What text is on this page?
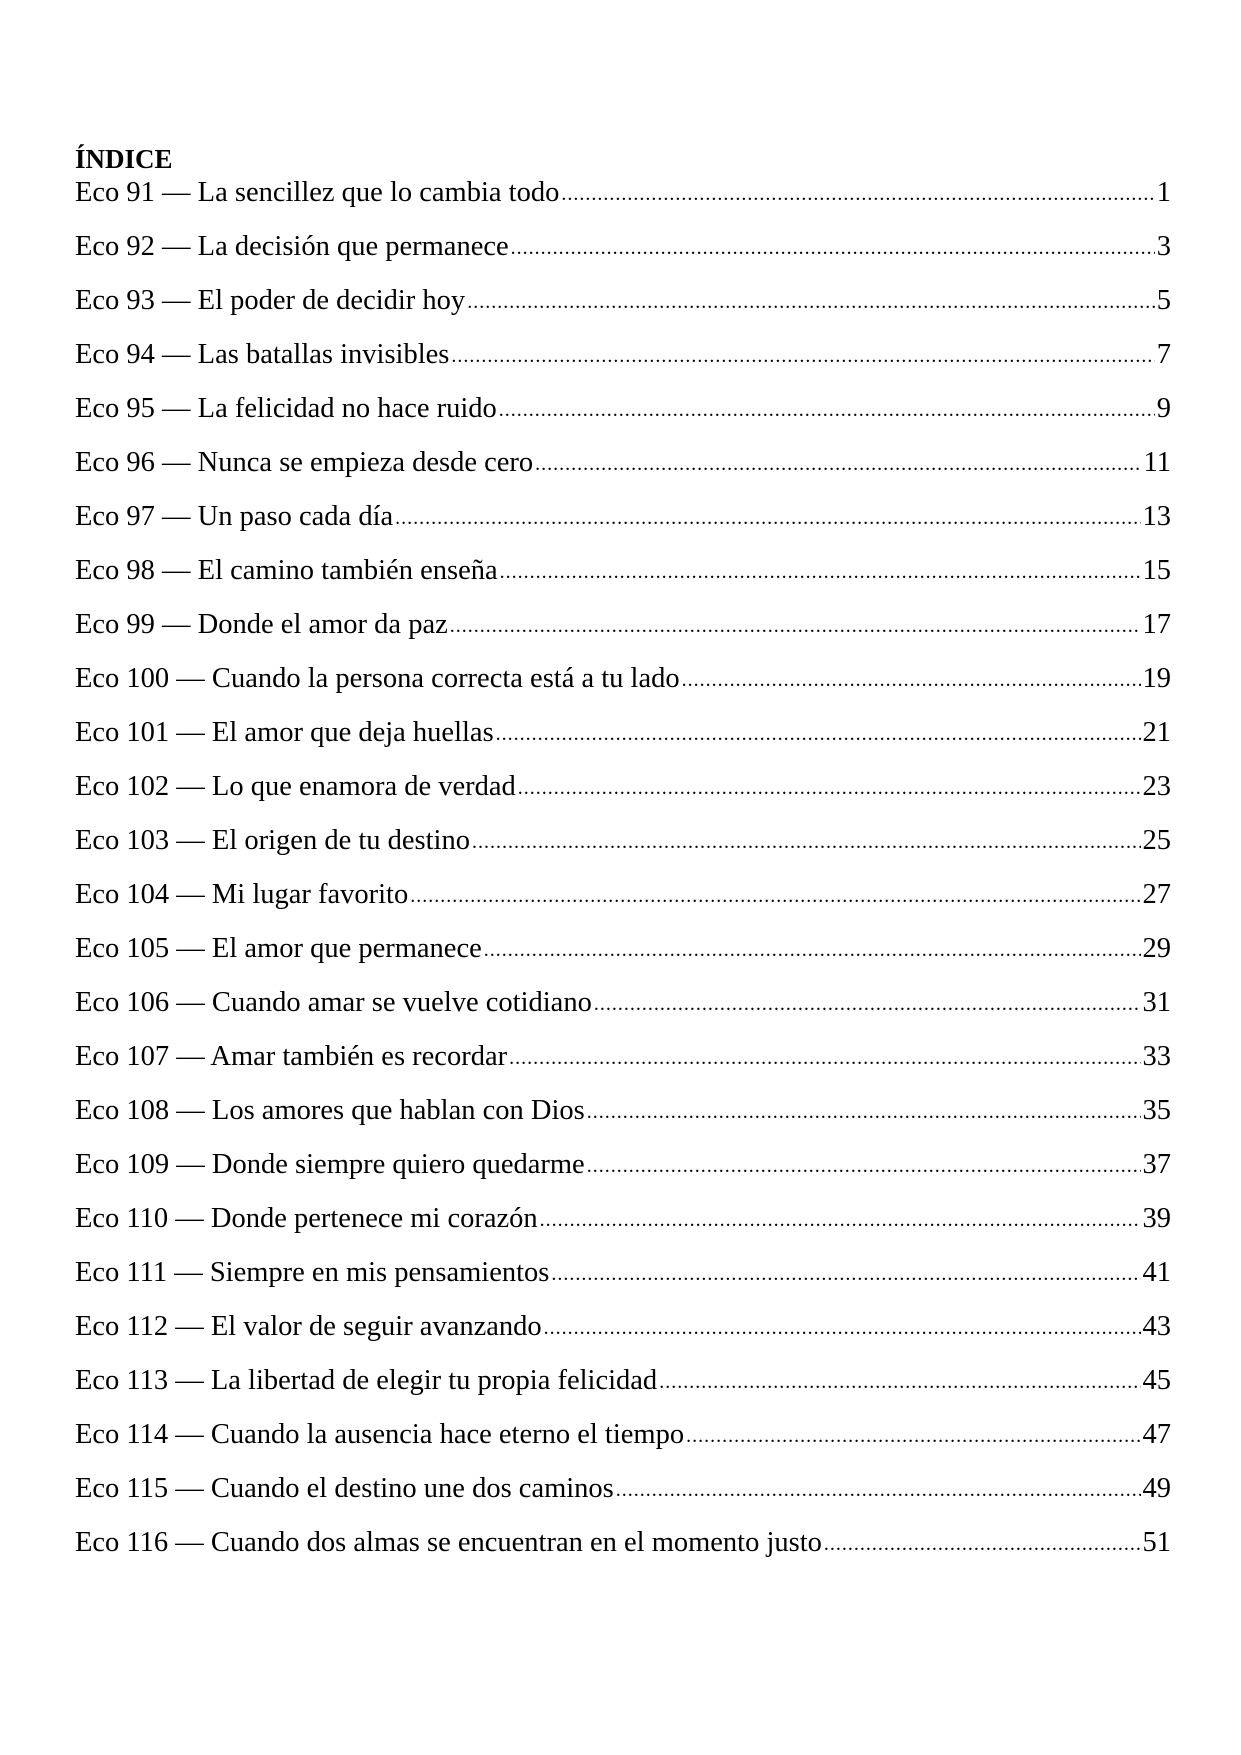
ÍNDICE
Eco 91 — La sencillez que lo cambia todo .....	1
Eco 92 — La decisión que permanece .....	3
Eco 93 — El poder de decidir hoy .....	5
Eco 94 — Las batallas invisibles .....	7
Eco 95 — La felicidad no hace ruido .....	9
Eco 96 — Nunca se empieza desde cero .....	11
Eco 97 — Un paso cada día .....	13
Eco 98 — El camino también enseña .....	15
Eco 99 — Donde el amor da paz .....	17
Eco 100 — Cuando la persona correcta está a tu lado .....	19
Eco 101 — El amor que deja huellas .....	21
Eco 102 — Lo que enamora de verdad .....	23
Eco 103 — El origen de tu destino .....	25
Eco 104 — Mi lugar favorito .....	27
Eco 105 — El amor que permanece .....	29
Eco 106 — Cuando amar se vuelve cotidiano .....	31
Eco 107 — Amar también es recordar .....	33
Eco 108 — Los amores que hablan con Dios .....	35
Eco 109 — Donde siempre quiero quedarme .....	37
Eco 110 — Donde pertenece mi corazón .....	39
Eco 111 — Siempre en mis pensamientos .....	41
Eco 112 — El valor de seguir avanzando .....	43
Eco 113 — La libertad de elegir tu propia felicidad .....	45
Eco 114 — Cuando la ausencia hace eterno el tiempo .....	47
Eco 115 — Cuando el destino une dos caminos .....	49
Eco 116 — Cuando dos almas se encuentran en el momento justo .....	51
